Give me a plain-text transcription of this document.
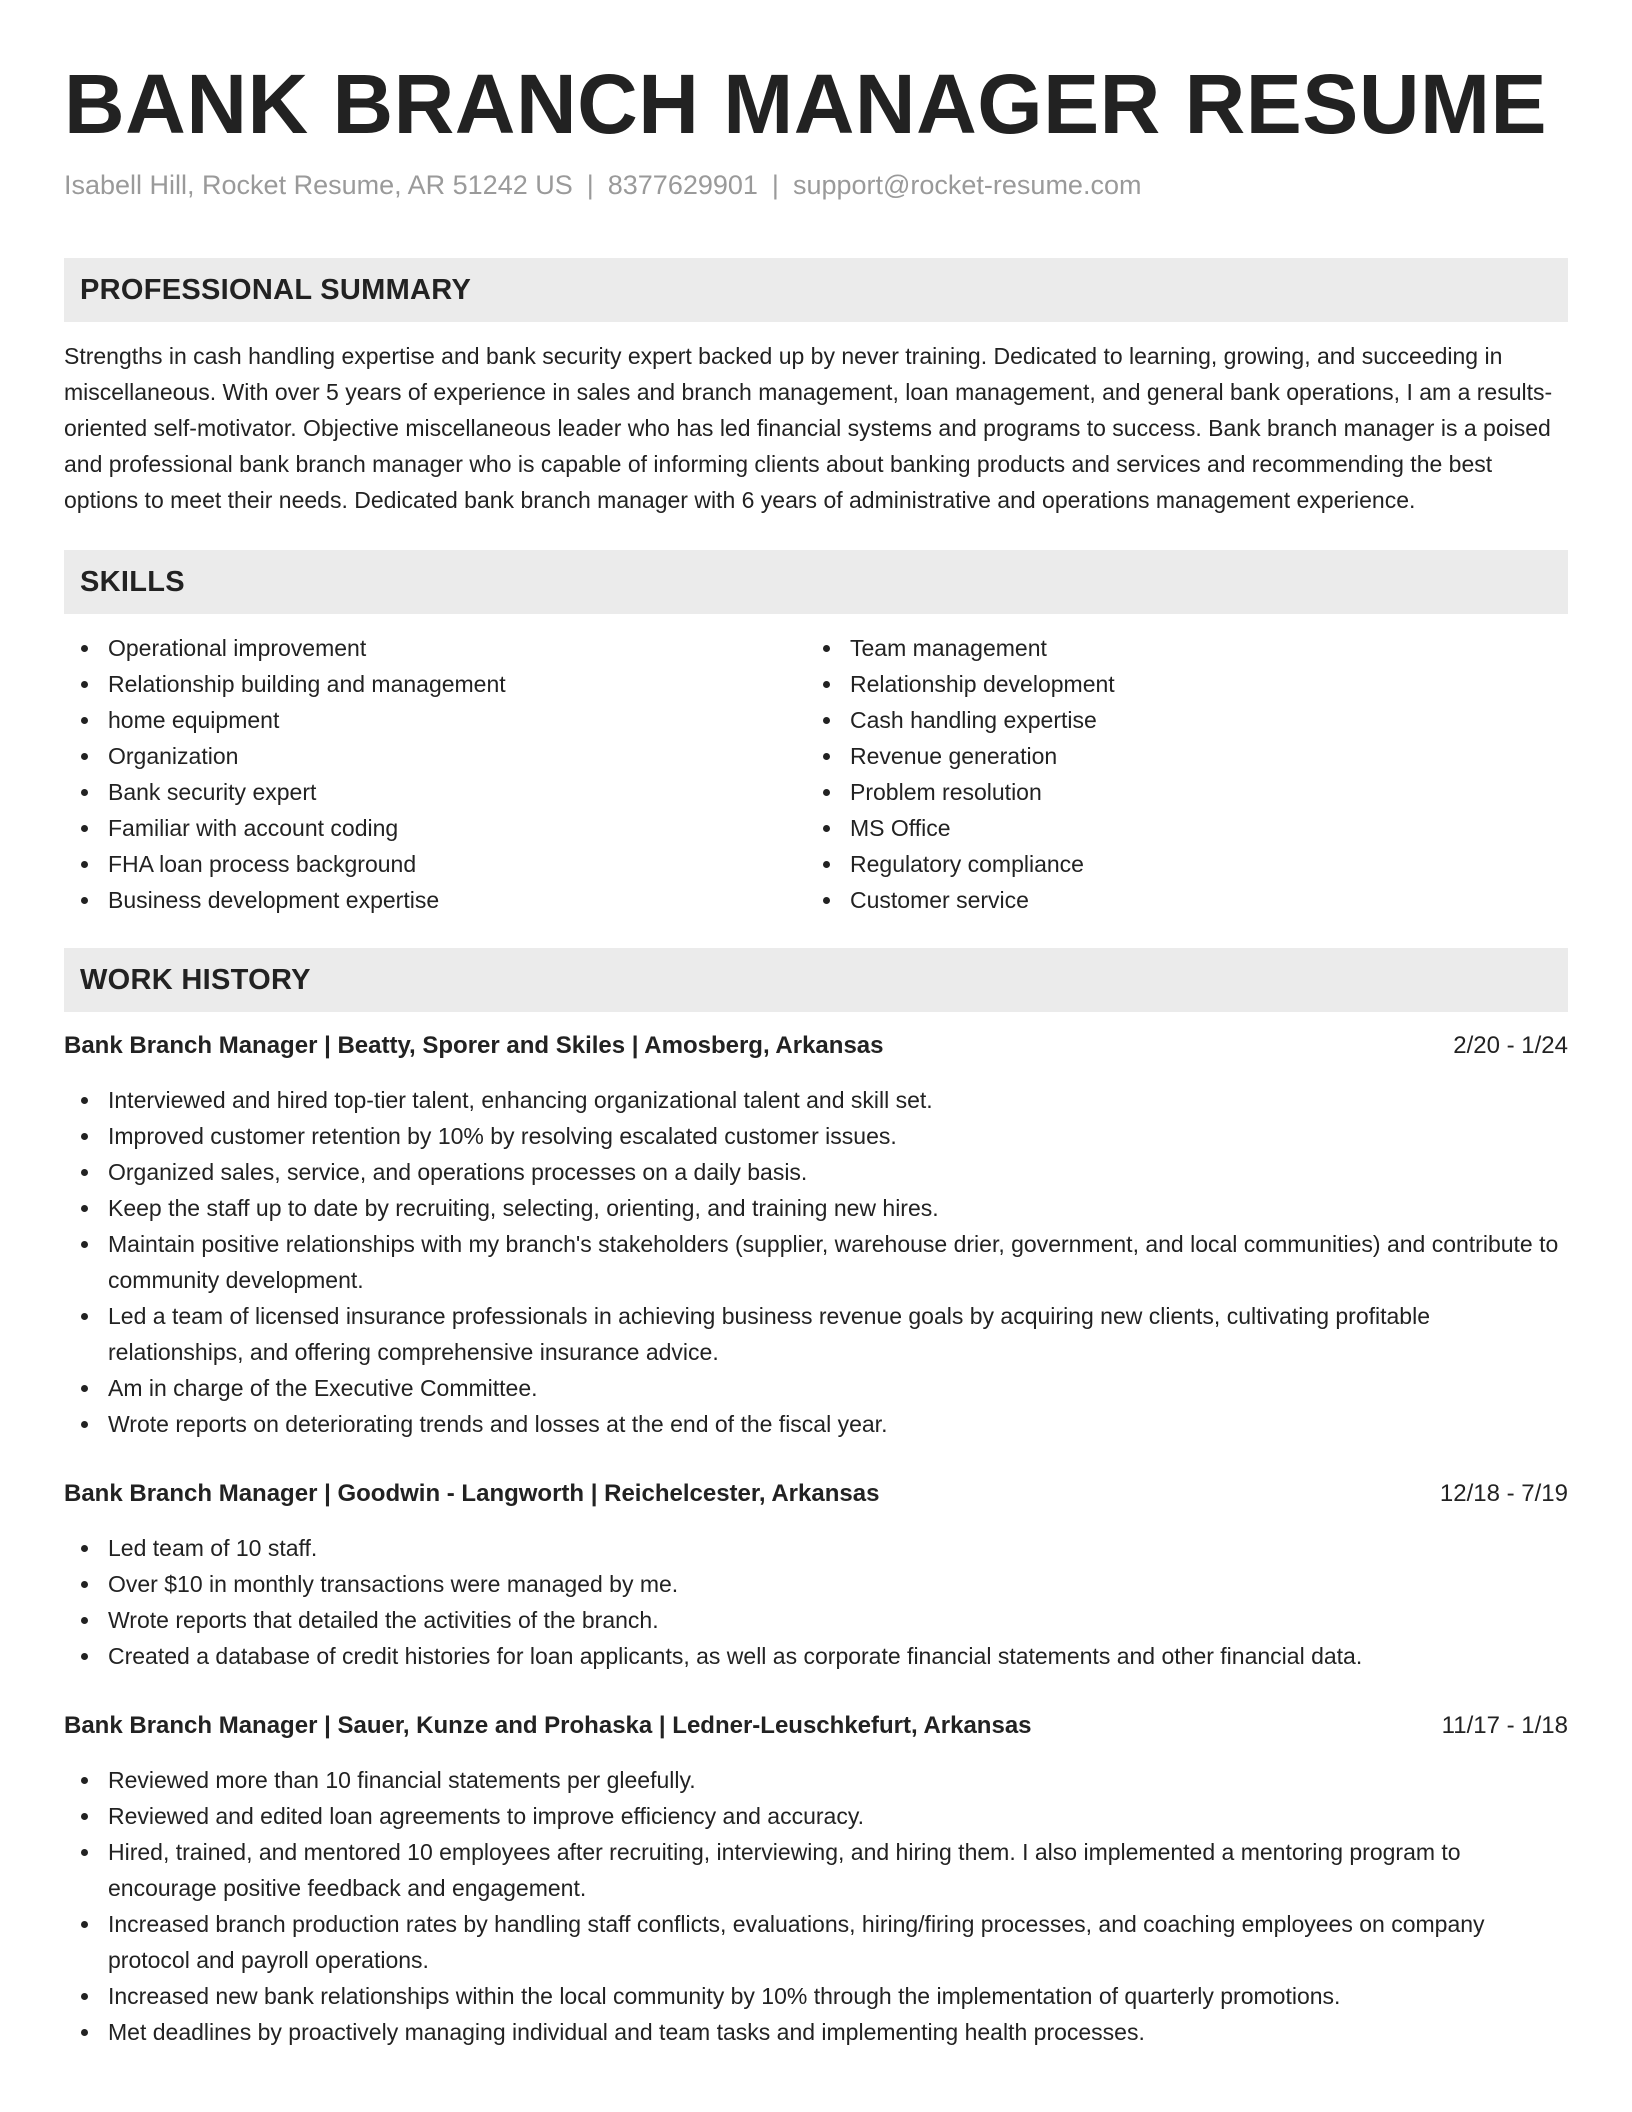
BANK BRANCH MANAGER RESUME
Isabell Hill, Rocket Resume, AR 51242 US | 8377629901 | support@rocket-resume.com
PROFESSIONAL SUMMARY

Strengths in cash handling expertise and bank security expert backed up by never training. Dedicated to learning, growing, and succeeding in miscellaneous. With over 5 years of experience in sales and branch management, loan management, and general bank operations, I am a results-oriented self-motivator. Objective miscellaneous leader who has led financial systems and programs to success. Bank branch manager is a poised and professional bank branch manager who is capable of informing clients about banking products and services and recommending the best options to meet their needs. Dedicated bank branch manager with 6 years of administrative and operations management experience.

SKILLS
Operational improvement
Relationship building and management
home equipment
Organization
Bank security expert
Familiar with account coding
FHA loan process background
Business development expertise
Team management
Relationship development
Cash handling expertise
Revenue generation
Problem resolution
MS Office
Regulatory compliance
Customer service
WORK HISTORY
Bank Branch Manager | Beatty, Sporer and Skiles | Amosberg, Arkansas	2/20 - 1/24
Interviewed and hired top-tier talent, enhancing organizational talent and skill set.
Improved customer retention by 10% by resolving escalated customer issues.
Organized sales, service, and operations processes on a daily basis.
Keep the staff up to date by recruiting, selecting, orienting, and training new hires.
Maintain positive relationships with my branch's stakeholders (supplier, warehouse drier, government, and local communities) and contribute to community development.
Led a team of licensed insurance professionals in achieving business revenue goals by acquiring new clients, cultivating profitable relationships, and offering comprehensive insurance advice.
Am in charge of the Executive Committee.
Wrote reports on deteriorating trends and losses at the end of the fiscal year.
Bank Branch Manager | Goodwin - Langworth | Reichelcester, Arkansas	12/18 - 7/19
Led team of 10 staff.
Over $10 in monthly transactions were managed by me.
Wrote reports that detailed the activities of the branch.
Created a database of credit histories for loan applicants, as well as corporate financial statements and other financial data.
Bank Branch Manager | Sauer, Kunze and Prohaska | Ledner-Leuschkefurt, Arkansas	11/17 - 1/18
Reviewed more than 10 financial statements per gleefully.
Reviewed and edited loan agreements to improve efficiency and accuracy.
Hired, trained, and mentored 10 employees after recruiting, interviewing, and hiring them. I also implemented a mentoring program to encourage positive feedback and engagement.
Increased branch production rates by handling staff conflicts, evaluations, hiring/firing processes, and coaching employees on company protocol and payroll operations.
Increased new bank relationships within the local community by 10% through the implementation of quarterly promotions.
Met deadlines by proactively managing individual and team tasks and implementing health processes.
